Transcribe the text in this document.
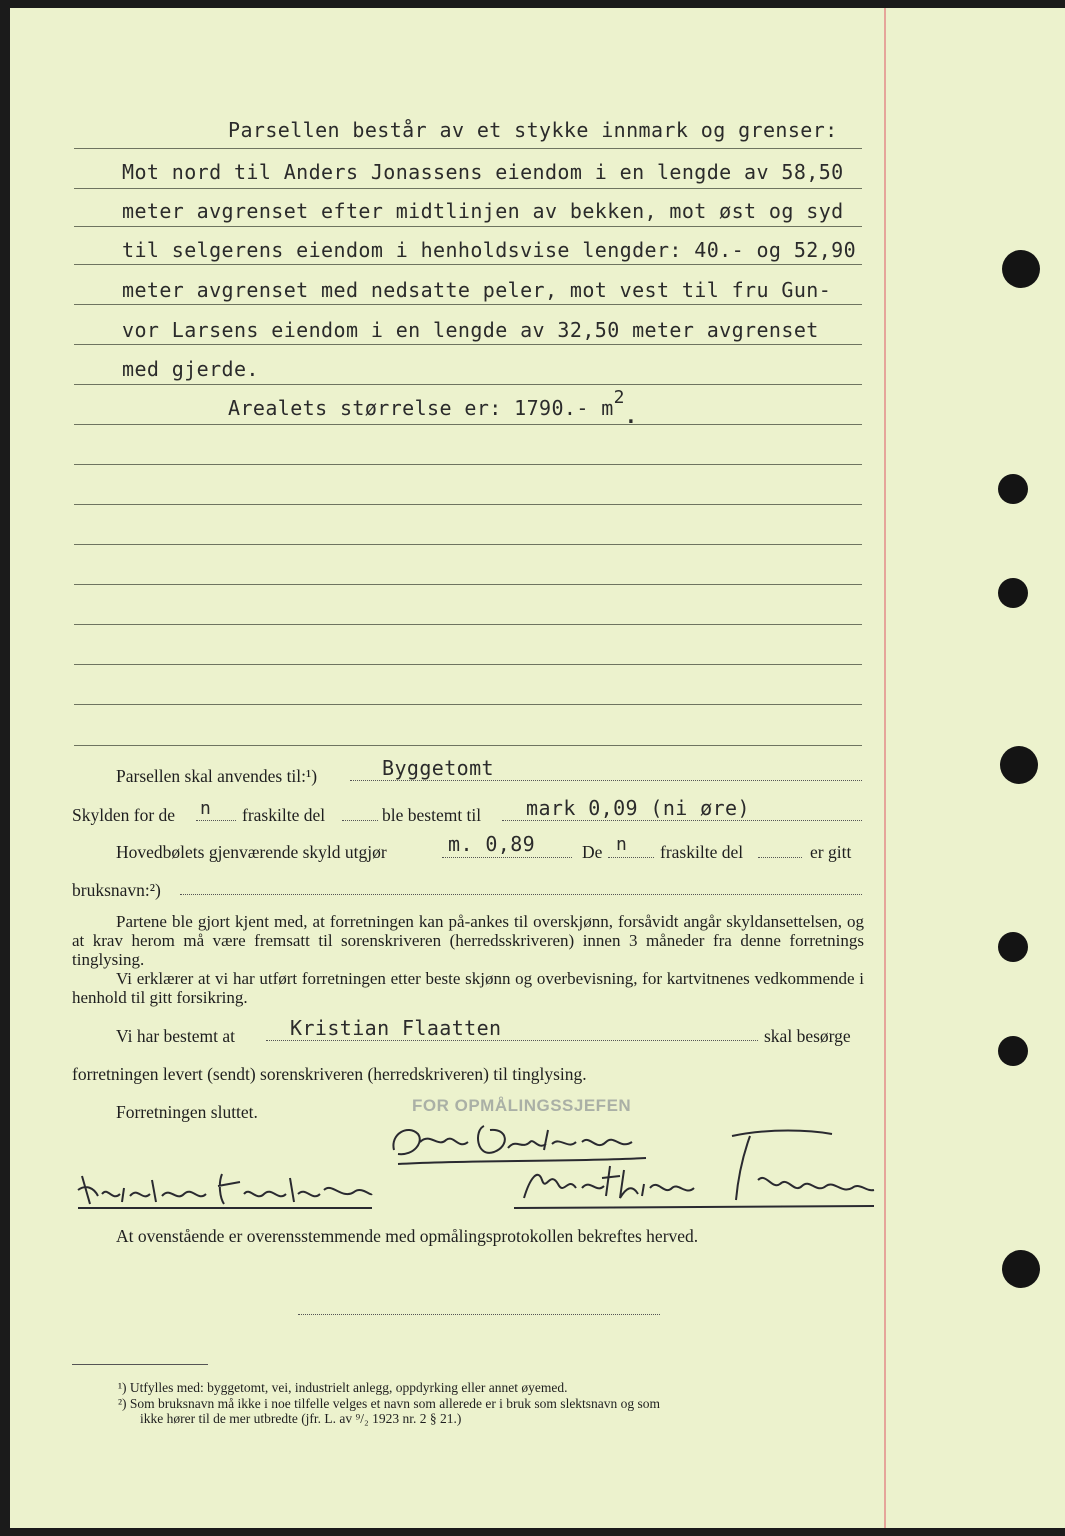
Parsellen består av et stykke innmark og grenser:
Mot nord til Anders Jonassens eiendom i en lengde av 58,50
meter avgrenset efter midtlinjen av bekken, mot øst og syd
til selgerens eiendom i henholdsvise lengder: 40.- og 52,90
meter avgrenset med nedsatte peler, mot vest til fru Gun-
vor Larsens eiendom i en lengde av 32,50 meter avgrenset
med gjerde.
Arealets størrelse er: 1790.- $m^2$.
Parsellen skal anvendes til:¹)	Byggetomt
Skylden for de n fraskilte del	ble bestemt til mark 0,09 (ni øre)
Hovedbølets gjenværende skyld utgjør	m. 0,89	De n fraskilte del	er gitt
bruksnavn:²)
Partene ble gjort kjent med, at forretningen kan på-ankes til overskjønn, forsåvidt angår skyldansettelsen, og at krav herom må være fremsatt til sorenskriveren (herredsskriveren) innen 3 måneder fra denne forretnings tinglysing.
Vi erklærer at vi har utført forretningen etter beste skjønn og overbevisning, for kartvitnenes vedkommende i henhold til gitt forsikring.
Vi har bestemt at	Kristian Flaatten	skal besørge
forretningen levert (sendt) sorenskriveren (herredskriveren) til tinglysing.
Forretningen sluttet.	FOR OPMÅLINGSSJEFEN
At ovenstående er overensstemmende med opmålingsprotokollen bekreftes herved.
¹) Utfylles med: byggetomt, vei, industrielt anlegg, oppdyrking eller annet øyemed.
²) Som bruksnavn må ikke i noe tilfelle velges et navn som allerede er i bruk som slektsnavn og som
ikke hører til de mer utbredte (jfr. L. av ⁹/₂ 1923 nr. 2 § 21.)
